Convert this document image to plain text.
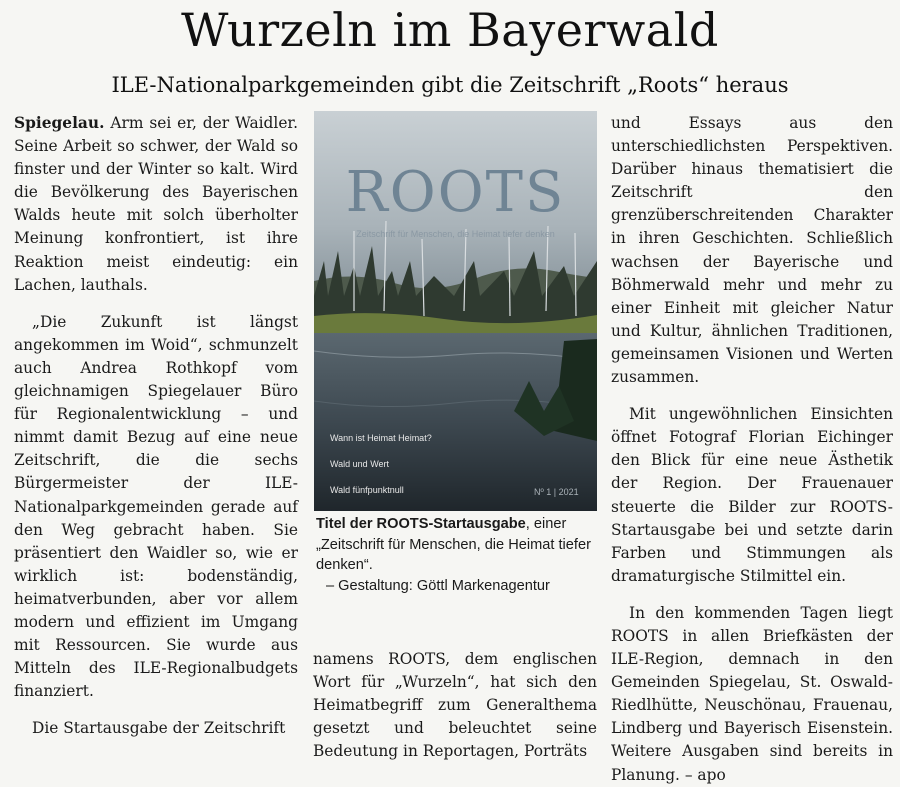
Wurzeln im Bayerwald
ILE-Nationalparkgemeinden gibt die Zeitschrift „Roots“ heraus

Spiegelau. Arm sei er, der Waidler. Seine Arbeit so schwer, der Wald so finster und der Winter so kalt. Wird die Bevölkerung des Bayerischen Walds heute mit solch überholter Meinung konfrontiert, ist ihre Reaktion meist eindeutig: ein Lachen, lauthals.

„Die Zukunft ist längst angekommen im Woid“, schmunzelt auch Andrea Rothkopf vom gleichnamigen Spiegelauer Büro für Regionalentwicklung – und nimmt damit Bezug auf eine neue Zeitschrift, die die sechs Bürgermeister der ILE-Nationalparkgemeinden gerade auf den Weg gebracht haben. Sie präsentiert den Waidler so, wie er wirklich ist: bodenständig, heimatverbunden, aber vor allem modern und effizient im Umgang mit Ressourcen. Sie wurde aus Mitteln des ILE-Regionalbudgets finanziert.

Die Startausgabe der Zeitschrift

ROOTS
Zeitschrift für Menschen, die Heimat tiefer denken
Wann ist Heimat Heimat?
Wald und Wert
Wald fünfpunktnull	Nº 1 | 2021
Titel der ROOTS-Startausgabe, einer „Zeitschrift für Menschen, die Heimat tiefer denken“.
– Gestaltung: Göttl Markenagentur

namens ROOTS, dem englischen Wort für „Wurzeln“, hat sich den Heimatbegriff zum Generalthema gesetzt und beleuchtet seine Bedeutung in Reportagen, Porträts

und Essays aus den unterschiedlichsten Perspektiven. Darüber hinaus thematisiert die Zeitschrift den grenzüberschreitenden Charakter in ihren Geschichten. Schließlich wachsen der Bayerische und Böhmerwald mehr und mehr zu einer Einheit mit gleicher Natur und Kultur, ähnlichen Traditionen, gemeinsamen Visionen und Werten zusammen.

Mit ungewöhnlichen Einsichten öffnet Fotograf Florian Eichinger den Blick für eine neue Ästhetik der Region. Der Frauenauer steuerte die Bilder zur ROOTS-Startausgabe bei und setzte darin Farben und Stimmungen als dramaturgische Stilmittel ein.

In den kommenden Tagen liegt ROOTS in allen Briefkästen der ILE-Region, demnach in den Gemeinden Spiegelau, St. Oswald-Riedlhütte, Neuschönau, Frauenau, Lindberg und Bayerisch Eisenstein. Weitere Ausgaben sind bereits in Planung. – apo
